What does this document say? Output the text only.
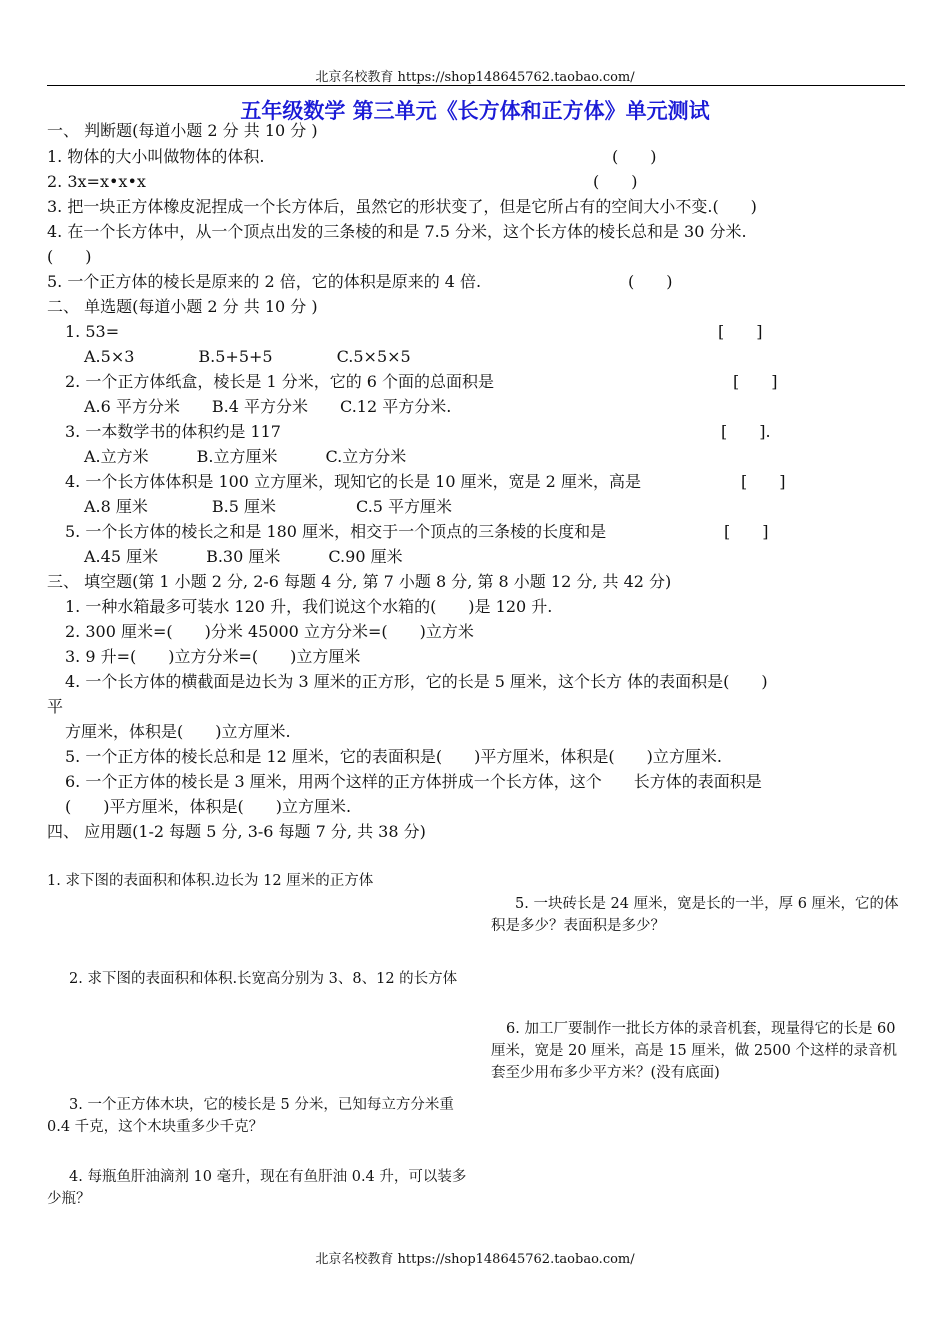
北京名校教育 https://shop148645762.taobao.com/
五年级数学 第三单元《长方体和正方体》单元测试
一、 判断题(每道小题 2 分 共 10 分 )
1. 物体的大小叫做物体的体积.	(　　)
2. 3x=x•x•x	(　　)
3. 把一块正方体橡皮泥捏成一个长方体后，虽然它的形状变了，但是它所占有的空间大小不变.(　　)
4. 在一个长方体中，从一个顶点出发的三条棱的和是 7.5 分米，这个长方体的棱长总和是 30 分米.
(　　)
5. 一个正方体的棱长是原来的 2 倍，它的体积是原来的 4 倍.	(　　)
二、 单选题(每道小题 2 分 共 10 分 )
1. 53=	[　　]
A.5×3　　　　B.5+5+5　　　　C.5×5×5
2. 一个正方体纸盒，棱长是 1 分米，它的 6 个面的总面积是	[　　]
A.6 平方分米　　B.4 平方分米　　C.12 平方分米.
3. 一本数学书的体积约是 117	[　　].
A.立方米　　　B.立方厘米　　　C.立方分米
4. 一个长方体体积是 100 立方厘米，现知它的长是 10 厘米，宽是 2 厘米，高是	[　　]
A.8 厘米　　　　B.5 厘米　　　　　C.5 平方厘米
5. 一个长方体的棱长之和是 180 厘米，相交于一个顶点的三条棱的长度和是	[　　]
A.45 厘米　　　B.30 厘米　　　C.90 厘米
三、 填空题(第 1 小题 2 分, 2-6 每题 4 分, 第 7 小题 8 分, 第 8 小题 12 分, 共 42 分)
1. 一种水箱最多可装水 120 升，我们说这个水箱的(　　)是 120 升.
2. 300 厘米=(　　)分米 45000 立方分米=(　　)立方米
3. 9 升=(　　)立方分米=(　　)立方厘米
4. 一个长方体的横截面是边长为 3 厘米的正方形，它的长是 5 厘米，这个长方 体的表面积是(　　)
平
方厘米，体积是(　　)立方厘米.
5. 一个正方体的棱长总和是 12 厘米，它的表面积是(　　)平方厘米，体积是(　　)立方厘米.
6. 一个正方体的棱长是 3 厘米，用两个这样的正方体拼成一个长方体，这个　　长方体的表面积是
(　　)平方厘米，体积是(　　)立方厘米.
四、 应用题(1-2 每题 5 分, 3-6 每题 7 分, 共 38 分)
1. 求下图的表面积和体积.边长为 12 厘米的正方体
2. 求下图的表面积和体积.长宽高分别为 3、8、12 的长方体
3. 一个正方体木块，它的棱长是 5 分米，已知每立方分米重 0.4 千克，这个木块重多少千克？
4. 每瓶鱼肝油滴剂 10 毫升，现在有鱼肝油 0.4 升，可以装多少瓶？
5. 一块砖长是 24 厘米，宽是长的一半，厚 6 厘米，它的体积是多少？表面积是多少？
6. 加工厂要制作一批长方体的录音机套，现量得它的长是 60 厘米，宽是 20 厘米，高是 15 厘米，做 2500 个这样的录音机套至少用布多少平方米？(没有底面)
北京名校教育 https://shop148645762.taobao.com/
